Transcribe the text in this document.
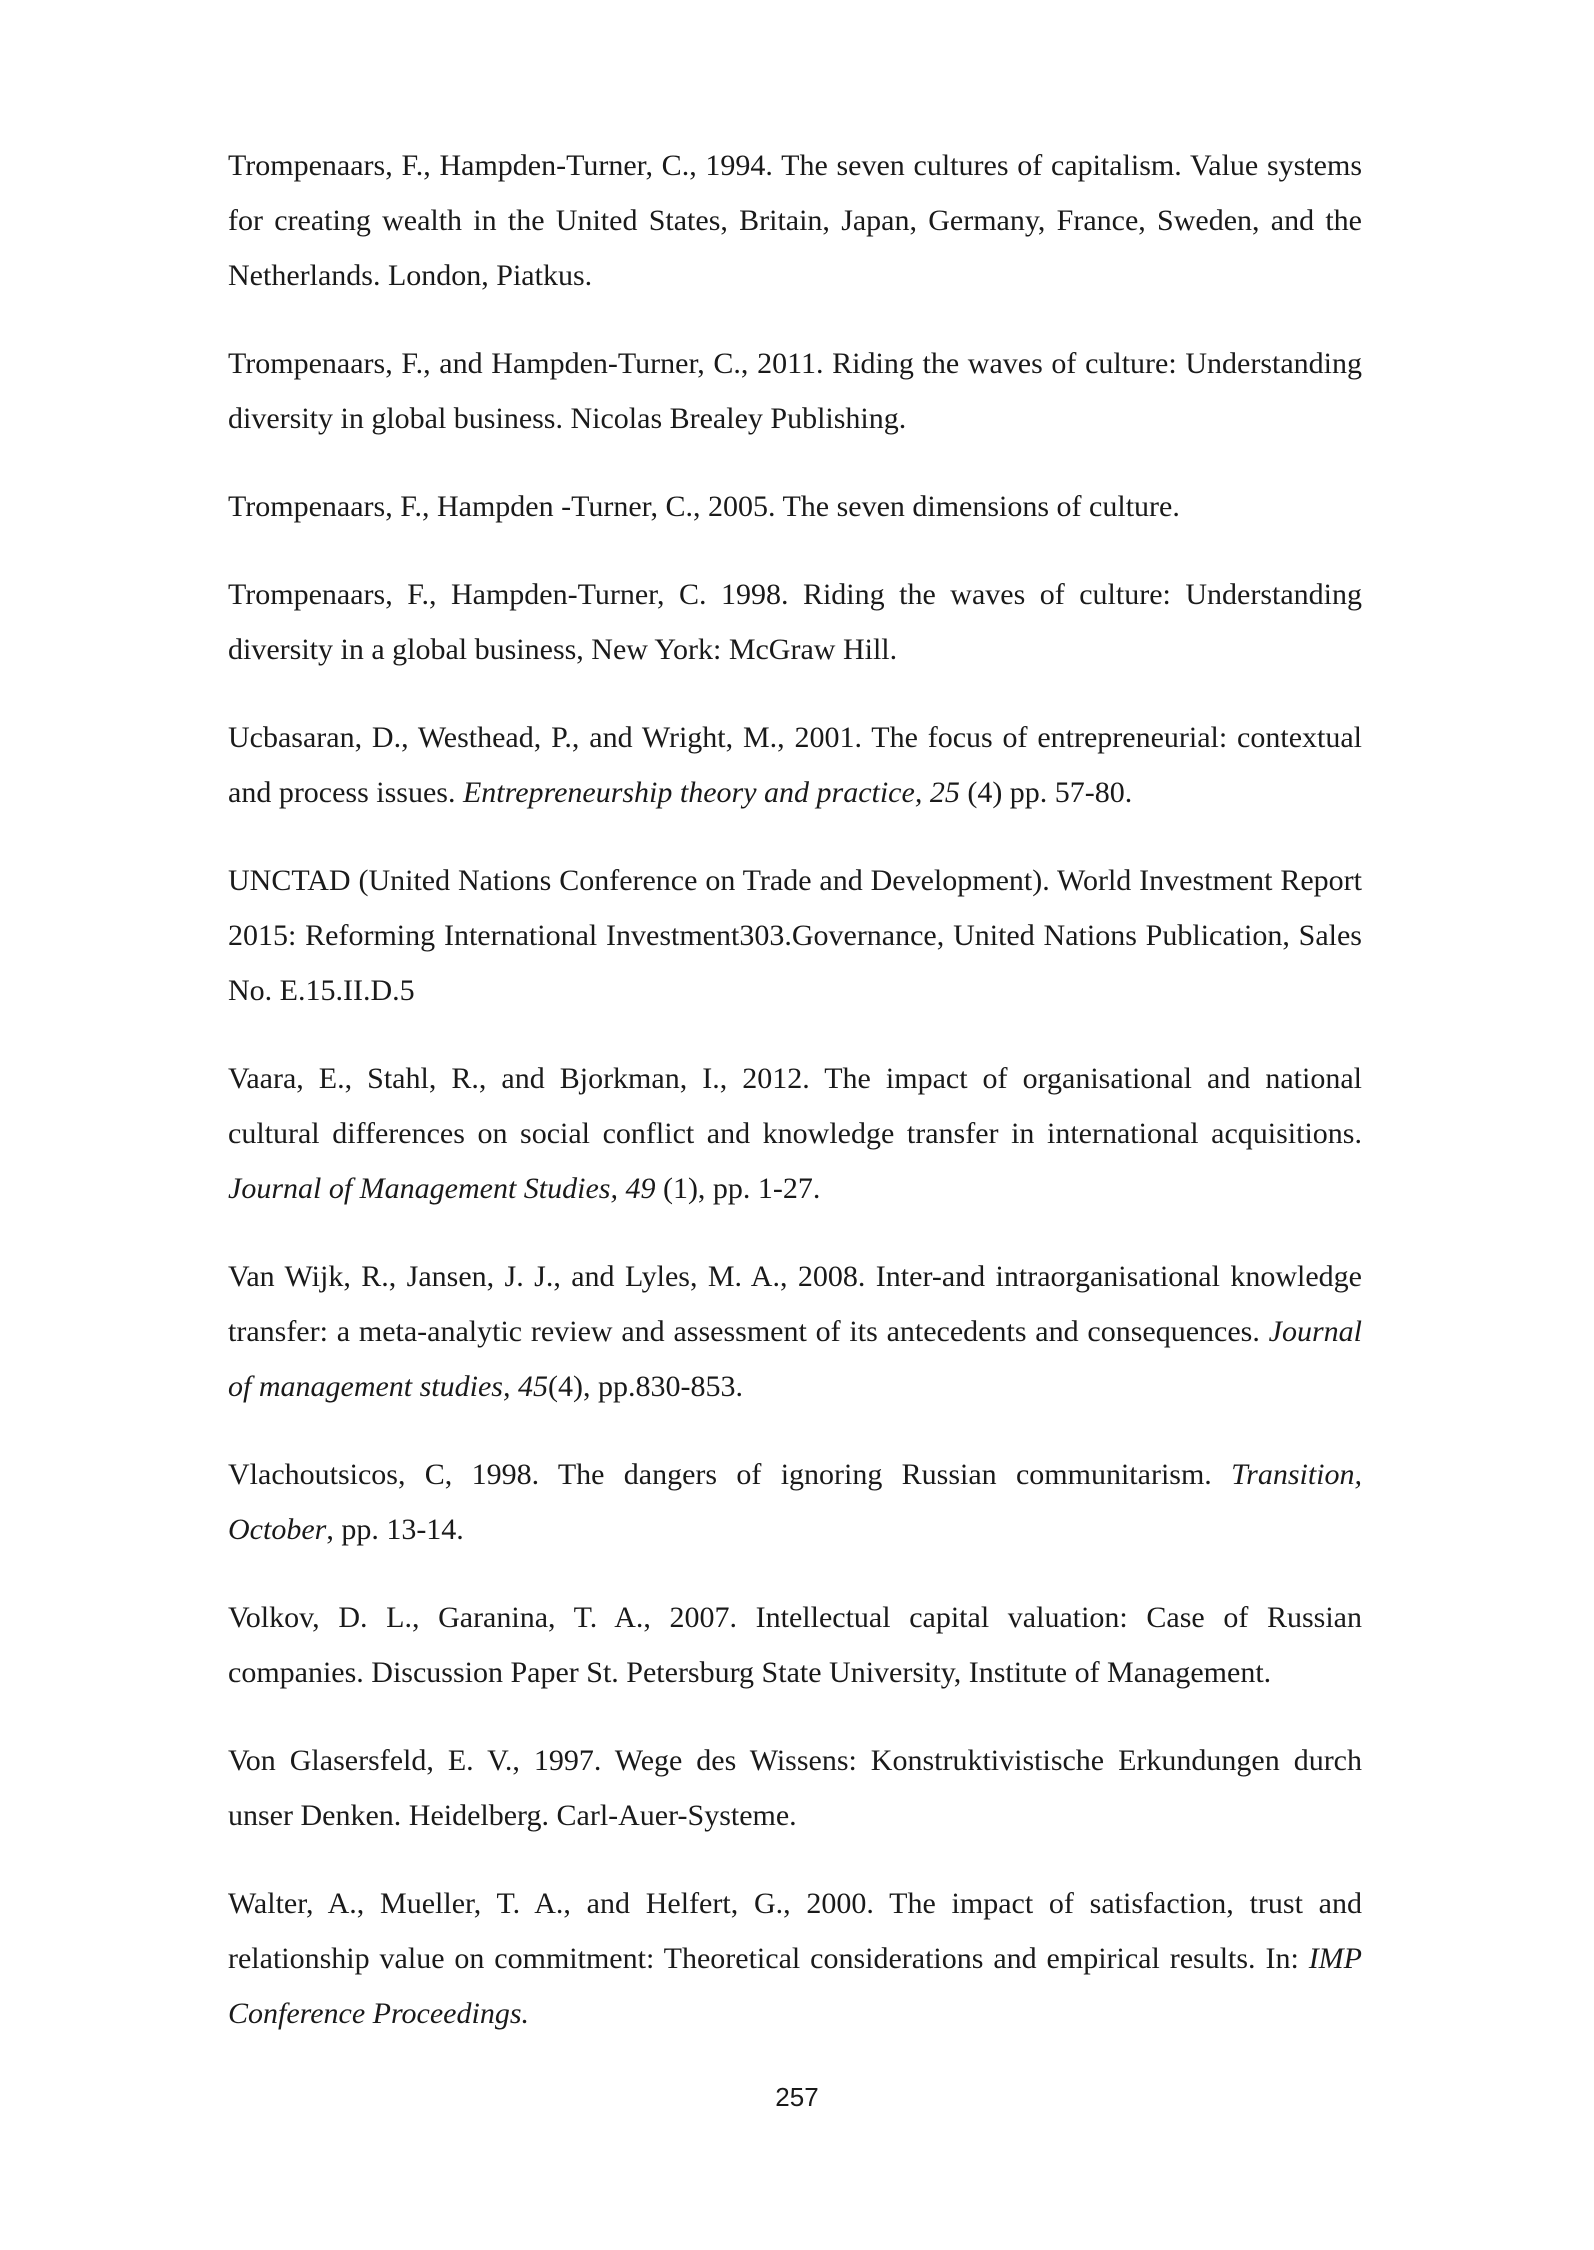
Trompenaars, F., Hampden-Turner, C., 1994. The seven cultures of capitalism. Value systems for creating wealth in the United States, Britain, Japan, Germany, France, Sweden, and the Netherlands. London, Piatkus.

Trompenaars, F., and Hampden-Turner, C., 2011. Riding the waves of culture: Understanding diversity in global business. Nicolas Brealey Publishing.

Trompenaars, F., Hampden -Turner, C., 2005. The seven dimensions of culture.

Trompenaars, F., Hampden-Turner, C. 1998. Riding the waves of culture: Understanding diversity in a global business, New York: McGraw Hill.

Ucbasaran, D., Westhead, P., and Wright, M., 2001. The focus of entrepreneurial: contextual and process issues. Entrepreneurship theory and practice, 25 (4) pp. 57-80.

UNCTAD (United Nations Conference on Trade and Development). World Investment Report 2015: Reforming International Investment303.Governance, United Nations Publication, Sales No. E.15.II.D.5

Vaara, E., Stahl, R., and Bjorkman, I., 2012. The impact of organisational and national cultural differences on social conflict and knowledge transfer in international acquisitions. Journal of Management Studies, 49 (1), pp. 1-27.

Van Wijk, R., Jansen, J. J., and Lyles, M. A., 2008. Inter-and intraorganisational knowledge transfer: a meta-analytic review and assessment of its antecedents and consequences. Journal of management studies, 45(4), pp.830-853.

Vlachoutsicos, C, 1998. The dangers of ignoring Russian communitarism. Transition, October, pp. 13-14.

Volkov, D. L., Garanina, T. A., 2007. Intellectual capital valuation: Case of Russian companies. Discussion Paper St. Petersburg State University, Institute of Management.

Von Glasersfeld, E. V., 1997. Wege des Wissens: Konstruktivistische Erkundungen durch unser Denken. Heidelberg. Carl-Auer-Systeme.

Walter, A., Mueller, T. A., and Helfert, G., 2000. The impact of satisfaction, trust and relationship value on commitment: Theoretical considerations and empirical results. In: IMP Conference Proceedings.

257
